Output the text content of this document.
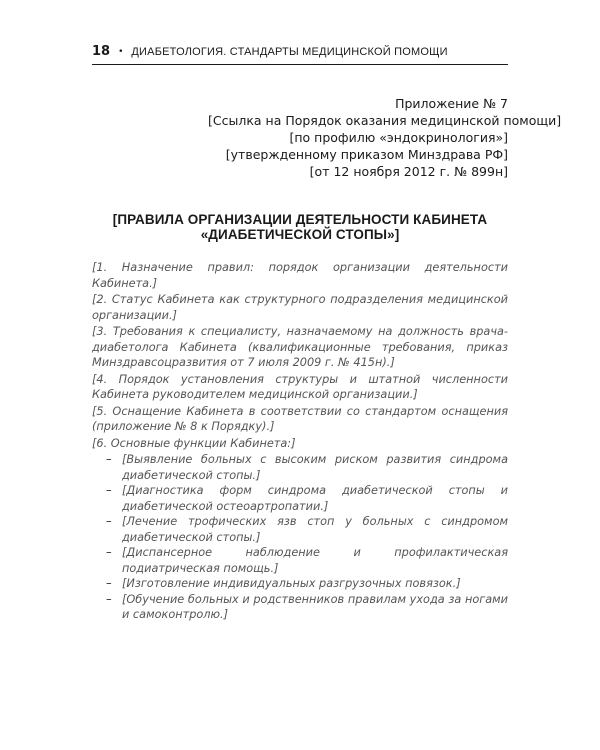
18 • ДИАБЕТОЛОГИЯ. СТАНДАРТЫ МЕДИЦИНСКОЙ ПОМОЩИ

Приложение № 7

[Ссылка на Порядок оказания медицинской помощи]

[по профилю «эндокринология»]

[утвержденному приказом Минздрава РФ]

[от 12 ноября 2012 г. № 899н]

[ПРАВИЛА ОРГАНИЗАЦИИ ДЕЯТЕЛЬНОСТИ КАБИНЕТА «ДИАБЕТИЧЕСКОЙ СТОПЫ»]

[1. Назначение правил: порядок организации деятельности Кабинета.]

[2. Статус Кабинета как структурного подразделения медицинской организации.]

[3. Требования к специалисту, назначаемому на должность врача-диабетолога Кабинета (квалификационные требования, приказ Минздравсоцразвития от 7 июля 2009 г. № 415н).]

[4. Порядок установления структуры и штатной численности Кабинета руководителем медицинской организации.]

[5. Оснащение Кабинета в соответствии со стандартом оснащения (приложение № 8 к Порядку).]

[6. Основные функции Кабинета:]

– [Выявление больных с высоким риском развития синдрома диабетической стопы.]
– [Диагностика форм синдрома диабетической стопы и диабетической остеоартропатии.]
– [Лечение трофических язв стоп у больных с синдромом диабетической стопы.]
– [Диспансерное наблюдение и профилактическая подиатрическая помощь.]
– [Изготовление индивидуальных разгрузочных повязок.]
– [Обучение больных и родственников правилам ухода за ногами и самоконтролю.]
